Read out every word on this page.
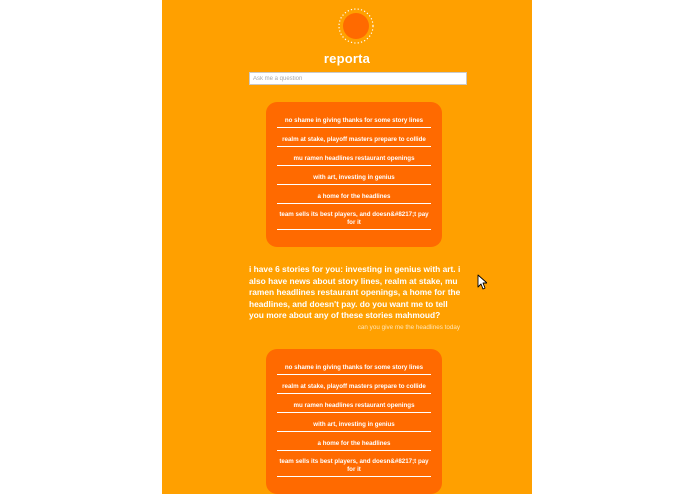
reporta
Ask me a question
no shame in giving thanks for some story lines
realm at stake, playoff masters prepare to collide
mu ramen headlines restaurant openings
with art, investing in genius
a home for the headlines
team sells its best players, and doesn&#8217;t pay for it
i have 6 stories for you: investing in genius with art. i also have news about story lines, realm at stake, mu ramen headlines restaurant openings, a home for the headlines, and doesn't pay. do you want me to tell you more about any of these stories mahmoud?
can you give me the headlines today
no shame in giving thanks for some story lines
realm at stake, playoff masters prepare to collide
mu ramen headlines restaurant openings
with art, investing in genius
a home for the headlines
team sells its best players, and doesn&#8217;t pay for it
